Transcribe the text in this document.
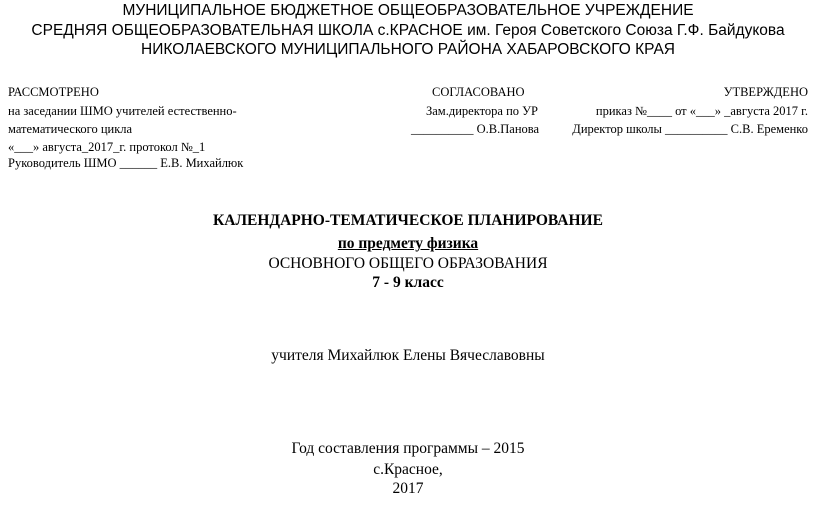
МУНИЦИПАЛЬНОЕ БЮДЖЕТНОЕ ОБЩЕОБРАЗОВАТЕЛЬНОЕ УЧРЕЖДЕНИЕ
СРЕДНЯЯ ОБЩЕОБРАЗОВАТЕЛЬНАЯ ШКОЛА с.КРАСНОЕ им. Героя Советского Союза Г.Ф. Байдукова
НИКОЛАЕВСКОГО МУНИЦИПАЛЬНОГО РАЙОНА ХАБАРОВСКОГО КРАЯ
РАССМОТРЕНО
на заседании ШМО учителей естественно-
математического цикла
«___» августа_2017_г. протокол №_1
Руководитель ШМО ______ Е.В. Михайлюк
СОГЛАСОВАНО
Зам.директора по УР
__________ О.В.Панова
УТВЕРЖДЕНО
приказ №____ от «___» _августа 2017 г.
Директор школы __________ С.В. Еременко
КАЛЕНДАРНО-ТЕМАТИЧЕСКОЕ ПЛАНИРОВАНИЕ
по предмету физика
ОСНОВНОГО ОБЩЕГО ОБРАЗОВАНИЯ
7 - 9 класс
учителя Михайлюк Елены Вячеславовны
Год составления программы – 2015
с.Красное,
2017
